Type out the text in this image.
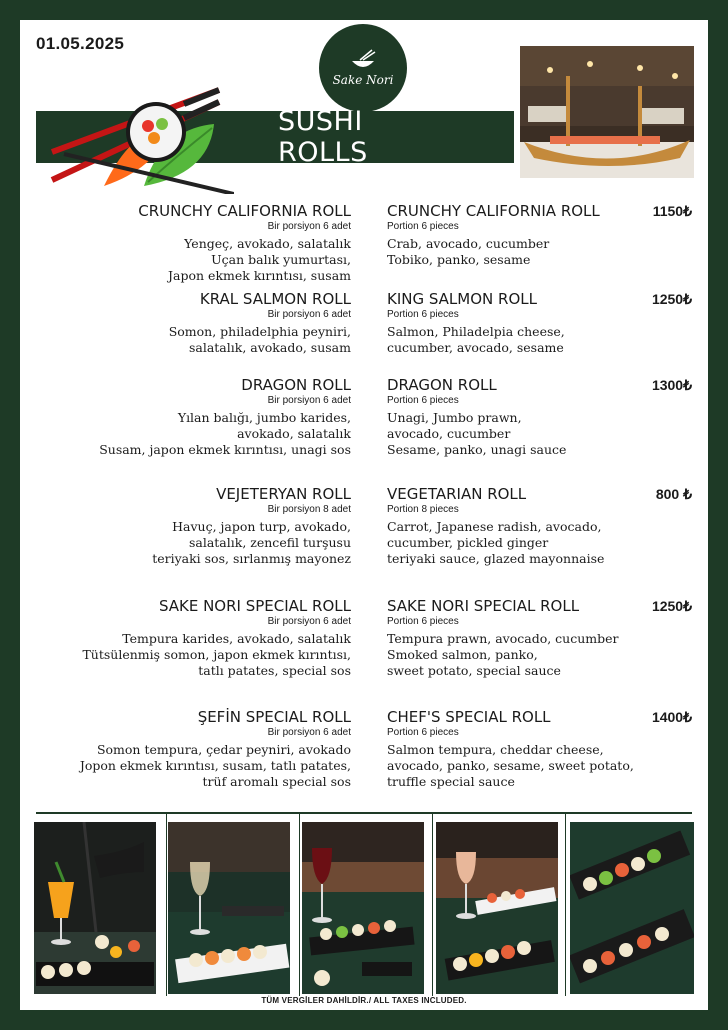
01.05.2025
Sake Nori
SUSHI ROLLS
CRUNCHY CALIFORNIA ROLL
Bir porsiyon 6 adet
Yengeç, avokado, salatalık
Uçan balık yumurtası,
Japon ekmek kırıntısı, susam
CRUNCHY CALIFORNIA ROLL
Portion 6 pieces
Crab, avocado, cucumber
Tobiko, panko, sesame
1150₺
KRAL SALMON ROLL
Bir porsiyon 6 adet
Somon, philadelphia peyniri,
salatalık, avokado, susam
KING SALMON ROLL
Portion 6 pieces
Salmon, Philadelpia cheese,
cucumber, avocado, sesame
1250₺
DRAGON ROLL
Bir porsiyon 6 adet
Yılan balığı, jumbo karides,
avokado, salatalık
Susam, japon ekmek kırıntısı, unagi sos
DRAGON ROLL
Portion 6 pieces
Unagi, Jumbo prawn,
avocado, cucumber
Sesame, panko, unagi sauce
1300₺
VEJETERYAN ROLL
Bir porsiyon 8 adet
Havuç, japon turp, avokado,
salatalık, zencefil turşusu
teriyaki sos, sırlanmış mayonez
VEGETARIAN ROLL
Portion 8 pieces
Carrot, Japanese radish, avocado,
cucumber, pickled ginger
teriyaki sauce, glazed mayonnaise
800 ₺
SAKE NORI SPECIAL ROLL
Bir porsiyon 6 adet
Tempura karides, avokado, salatalık
Tütsülenmiş somon, japon ekmek kırıntısı,
tatlı patates, special sos
SAKE NORI SPECIAL ROLL
Portion 6 pieces
Tempura prawn, avocado, cucumber
Smoked salmon, panko,
sweet potato, special sauce
1250₺
ŞEFİN SPECIAL ROLL
Bir porsiyon 6 adet
Somon tempura, çedar peyniri, avokado
Jopon ekmek kırıntısı, susam, tatlı patates,
trüf aromalı special sos
CHEF'S SPECIAL ROLL
Portion 6 pieces
Salmon tempura, cheddar cheese,
avocado, panko, sesame, sweet potato,
truffle special sauce
1400₺
TÜM VERGİLER DAHİLDİR./ ALL TAXES INCLUDED.
